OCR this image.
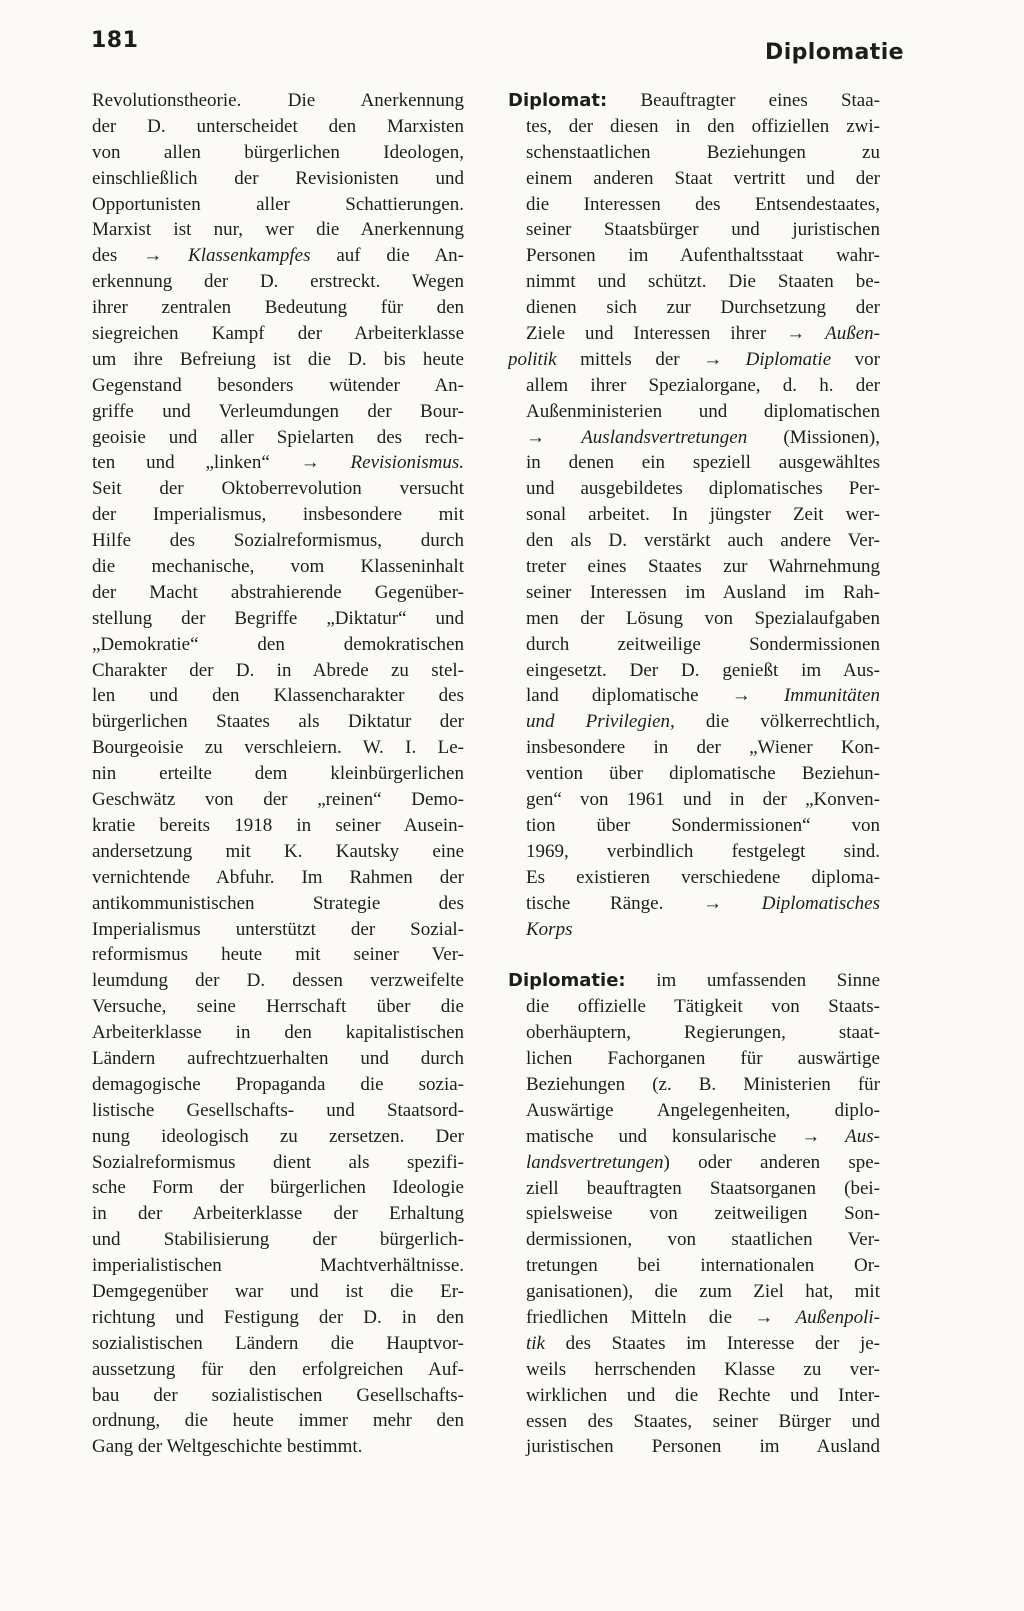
181	Diplomatie
Revolutionstheorie. Die Anerkennung
der D. unterscheidet den Marxisten
von allen bürgerlichen Ideologen,
einschließlich der Revisionisten und
Opportunisten aller Schattierungen.
Marxist ist nur, wer die Anerkennung
des → Klassenkampfes auf die An-
erkennung der D. erstreckt. Wegen
ihrer zentralen Bedeutung für den
siegreichen Kampf der Arbeiterklasse
um ihre Befreiung ist die D. bis heute
Gegenstand besonders wütender An-
griffe und Verleumdungen der Bour-
geoisie und aller Spielarten des rech-
ten und „linken“ → Revisionismus.
Seit der Oktoberrevolution versucht
der Imperialismus, insbesondere mit
Hilfe des Sozialreformismus, durch
die mechanische, vom Klasseninhalt
der Macht abstrahierende Gegenüber-
stellung der Begriffe „Diktatur“ und
„Demokratie“ den demokratischen
Charakter der D. in Abrede zu stel-
len und den Klassencharakter des
bürgerlichen Staates als Diktatur der
Bourgeoisie zu verschleiern. W. I. Le-
nin erteilte dem kleinbürgerlichen
Geschwätz von der „reinen“ Demo-
kratie bereits 1918 in seiner Ausein-
andersetzung mit K. Kautsky eine
vernichtende Abfuhr. Im Rahmen der
antikommunistischen Strategie des
Imperialismus unterstützt der Sozial-
reformismus heute mit seiner Ver-
leumdung der D. dessen verzweifelte
Versuche, seine Herrschaft über die
Arbeiterklasse in den kapitalistischen
Ländern aufrechtzuerhalten und durch
demagogische Propaganda die sozia-
listische Gesellschafts- und Staatsord-
nung ideologisch zu zersetzen. Der
Sozialreformismus dient als spezifi-
sche Form der bürgerlichen Ideologie
in der Arbeiterklasse der Erhaltung
und Stabilisierung der bürgerlich-
imperialistischen Machtverhältnisse.
Demgegenüber war und ist die Er-
richtung und Festigung der D. in den
sozialistischen Ländern die Hauptvor-
aussetzung für den erfolgreichen Auf-
bau der sozialistischen Gesellschafts-
ordnung, die heute immer mehr den
Gang der Weltgeschichte bestimmt.
Diplomat: Beauftragter eines Staa-
tes, der diesen in den offiziellen zwi-
schenstaatlichen Beziehungen zu
einem anderen Staat vertritt und der
die Interessen des Entsendestaates,
seiner Staatsbürger und juristischen
Personen im Aufenthaltsstaat wahr-
nimmt und schützt. Die Staaten be-
dienen sich zur Durchsetzung der
Ziele und Interessen ihrer → Außen-
politik mittels der → Diplomatie vor
allem ihrer Spezialorgane, d. h. der
Außenministerien und diplomatischen
→ Auslandsvertretungen (Missionen),
in denen ein speziell ausgewähltes
und ausgebildetes diplomatisches Per-
sonal arbeitet. In jüngster Zeit wer-
den als D. verstärkt auch andere Ver-
treter eines Staates zur Wahrnehmung
seiner Interessen im Ausland im Rah-
men der Lösung von Spezialaufgaben
durch zeitweilige Sondermissionen
eingesetzt. Der D. genießt im Aus-
land diplomatische → Immunitäten
und Privilegien, die völkerrechtlich,
insbesondere in der „Wiener Kon-
vention über diplomatische Beziehun-
gen“ von 1961 und in der „Konven-
tion über Sondermissionen“ von
1969, verbindlich festgelegt sind.
Es existieren verschiedene diploma-
tische Ränge. → Diplomatisches
Korps
Diplomatie: im umfassenden Sinne
die offizielle Tätigkeit von Staats-
oberhäuptern, Regierungen, staat-
lichen Fachorganen für auswärtige
Beziehungen (z. B. Ministerien für
Auswärtige Angelegenheiten, diplo-
matische und konsularische → Aus-
landsvertretungen) oder anderen spe-
ziell beauftragten Staatsorganen (bei-
spielsweise von zeitweiligen Son-
dermissionen, von staatlichen Ver-
tretungen bei internationalen Or-
ganisationen), die zum Ziel hat, mit
friedlichen Mitteln die → Außenpoli-
tik des Staates im Interesse der je-
weils herrschenden Klasse zu ver-
wirklichen und die Rechte und Inter-
essen des Staates, seiner Bürger und
juristischen Personen im Ausland
